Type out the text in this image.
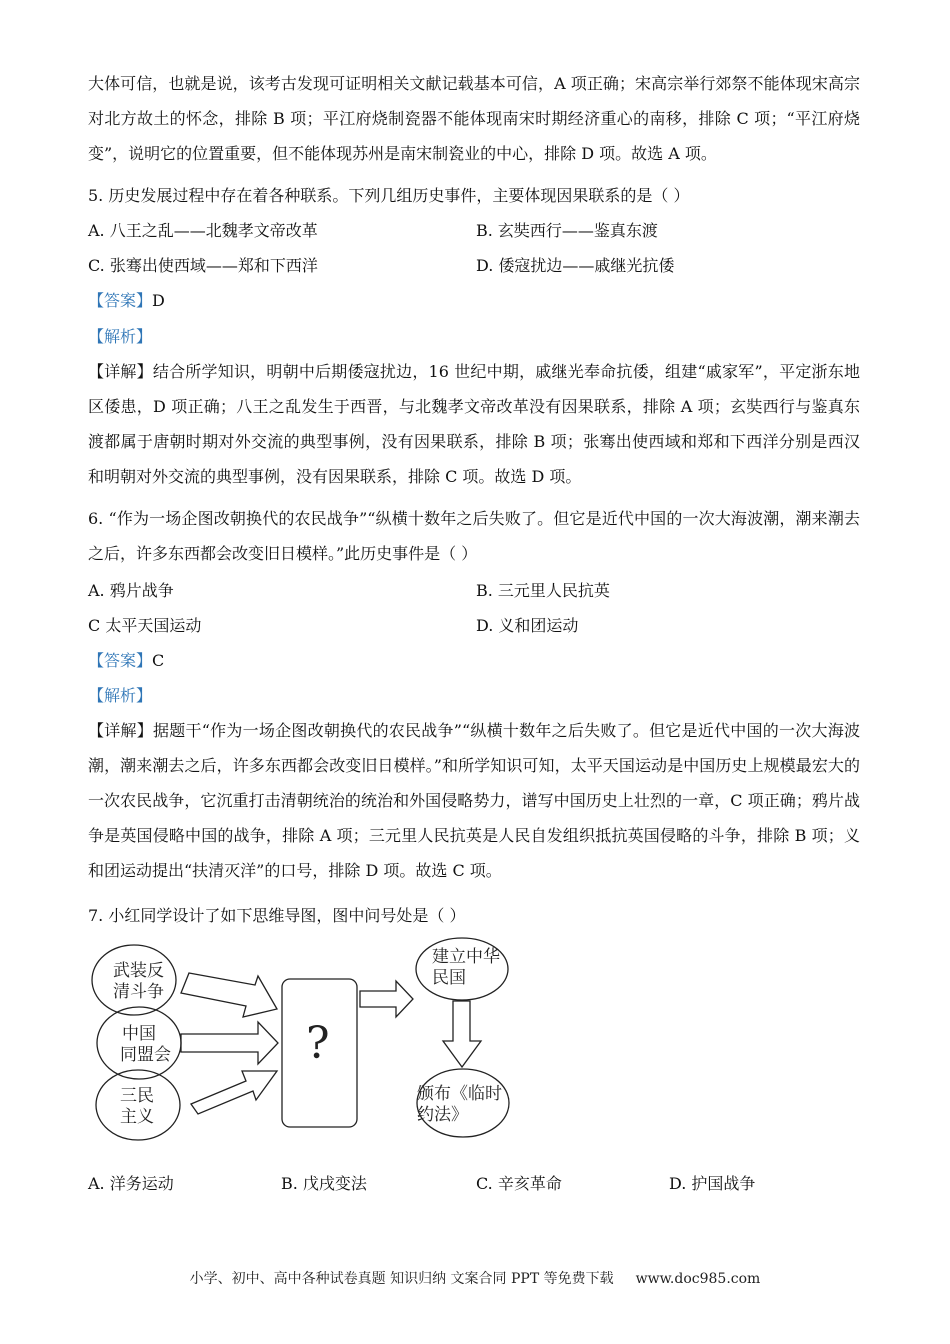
大体可信，也就是说，该考古发现可证明相关文献记载基本可信，A 项正确；宋高宗举行郊祭不能体现宋高宗对北方故土的怀念，排除 B 项；平江府烧制瓷器不能体现南宋时期经济重心的南移，排除 C 项；“平江府烧变”，说明它的位置重要，但不能体现苏州是南宋制瓷业的中心，排除 D 项。故选 A 项。
5. 历史发展过程中存在着各种联系。下列几组历史事件，主要体现因果联系的是（ ）
A. 八王之乱——北魏孝文帝改革	B. 玄奘西行——鉴真东渡
C. 张骞出使西域——郑和下西洋	D. 倭寇扰边——戚继光抗倭
【答案】D
【解析】
【详解】结合所学知识，明朝中后期倭寇扰边，16 世纪中期，戚继光奉命抗倭，组建“戚家军”，平定浙东地区倭患，D 项正确；八王之乱发生于西晋，与北魏孝文帝改革没有因果联系，排除 A 项；玄奘西行与鉴真东渡都属于唐朝时期对外交流的典型事例，没有因果联系，排除 B 项；张骞出使西域和郑和下西洋分别是西汉和明朝对外交流的典型事例，没有因果联系，排除 C 项。故选 D 项。
6. “作为一场企图改朝换代的农民战争”“纵横十数年之后失败了。但它是近代中国的一次大海波潮，潮来潮去之后，许多东西都会改变旧日模样。”此历史事件是（ ）
A. 鸦片战争	B. 三元里人民抗英
C 太平天国运动	D. 义和团运动
【答案】C
【解析】
【详解】据题干“作为一场企图改朝换代的农民战争”“纵横十数年之后失败了。但它是近代中国的一次大海波潮，潮来潮去之后，许多东西都会改变旧日模样。”和所学知识可知，太平天国运动是中国历史上规模最宏大的一次农民战争，它沉重打击清朝统治的统治和外国侵略势力，谱写中国历史上壮烈的一章，C 项正确；鸦片战争是英国侵略中国的战争，排除 A 项；三元里人民抗英是人民自发组织抵抗英国侵略的斗争，排除 B 项；义和团运动提出“扶清灭洋”的口号，排除 D 项。故选 C 项。
7. 小红同学设计了如下思维导图，图中问号处是（ ）
武装反
清斗争
中国
同盟会
三民
主义
建立中华
民国
颁布《临时
约法》
?
A. 洋务运动	B. 戊戌变法	C. 辛亥革命	D. 护国战争
小学、初中、高中各种试卷真题 知识归纳 文案合同 PPT 等免费下载 www.doc985.com
